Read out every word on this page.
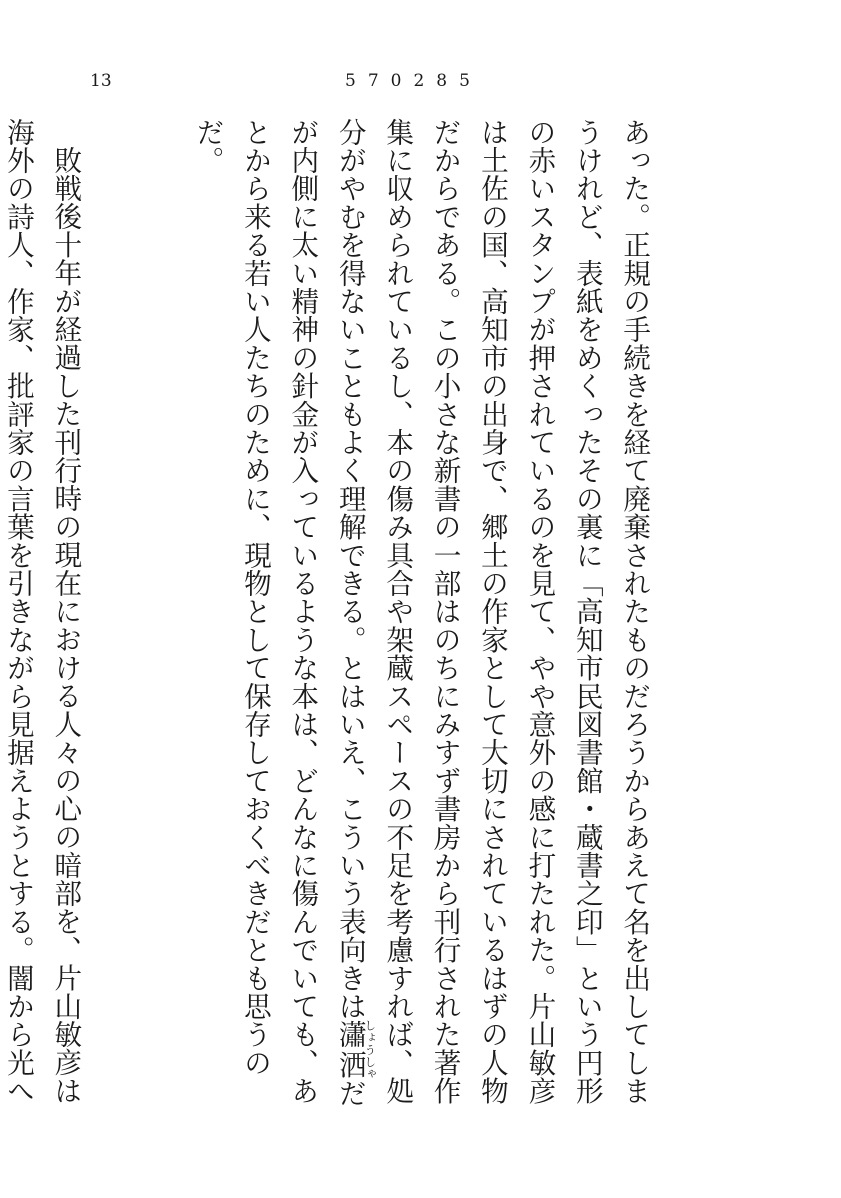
13	570285

あった。正規の手続きを経て廃棄されたものだろうからあえて名を出してしまうけれど、表紙をめくったその裏に「高知市民図書館・蔵書之印」という円形の赤いスタンプが押されているのを見て、やや意外の感に打たれた。片山敏彦は土佐の国、高知市の出身で、郷土の作家として大切にされているはずの人物だからである。この小さな新書の一部はのちにみすず書房から刊行された著作集に収められているし、本の傷み具合や架蔵スペースの不足を考慮すれば、処分がやむを得ないこともよく理解できる。とはいえ、こういう表向きは瀟洒しょうしゃだが内側に太い精神の針金が入っているような本は、どんなに傷んでいても、あとから来る若い人たちのために、現物として保存しておくべきだとも思うのだ。

敗戦後十年が経過した刊行時の現在における人々の心の暗部を、片山敏彦は海外の詩人、作家、批評家の言葉を引きながら見据えようとする。闇から光へ
